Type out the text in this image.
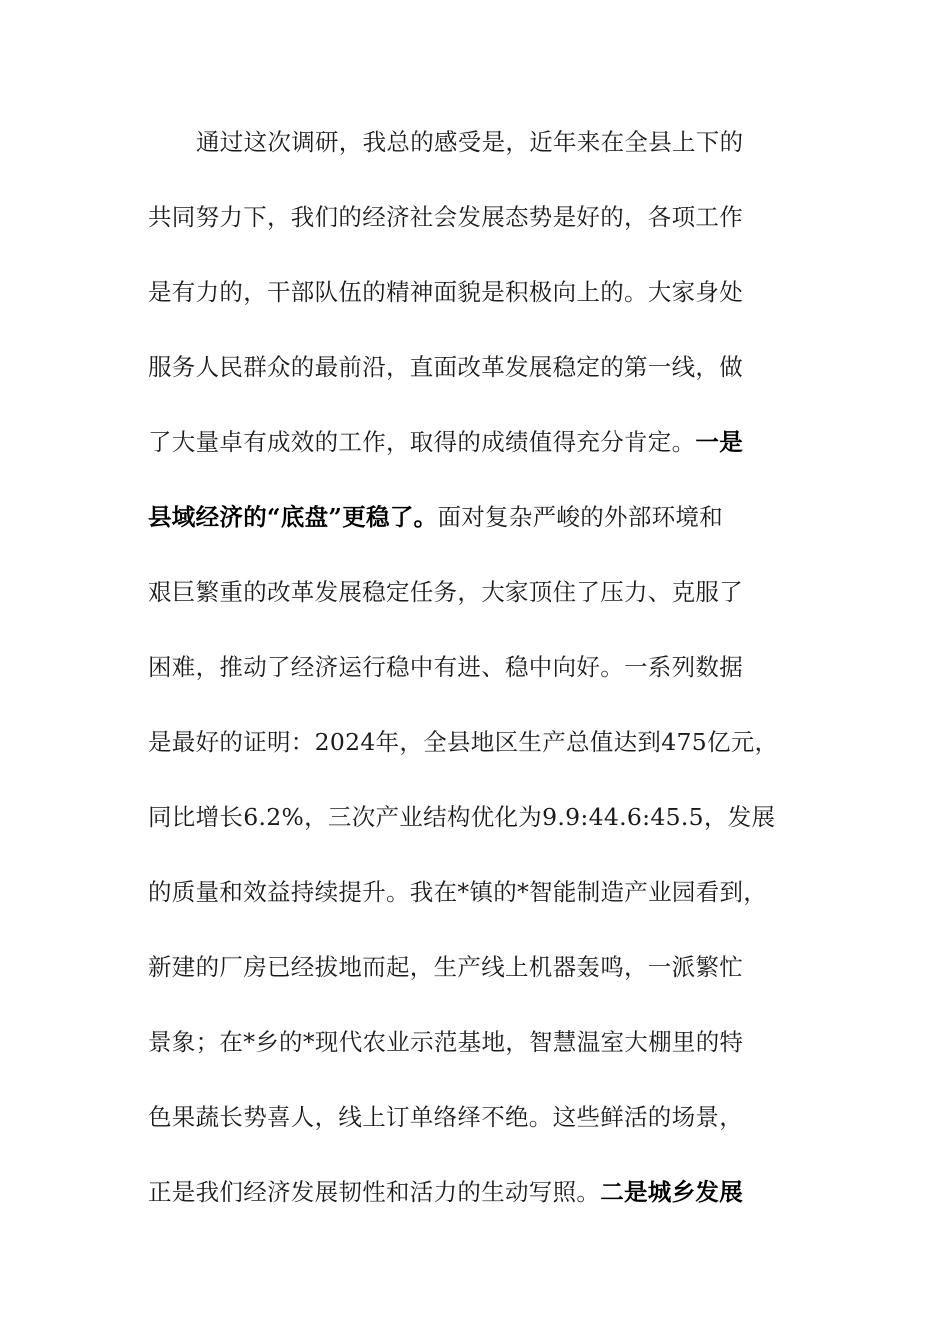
通过这次调研，我总的感受是，近年来在全县上下的
共同努力下，我们的经济社会发展态势是好的，各项工作
是有力的，干部队伍的精神面貌是积极向上的。大家身处
服务人民群众的最前沿，直面改革发展稳定的第一线，做
了大量卓有成效的工作，取得的成绩值得充分肯定。一是
县域经济的“底盘”更稳了。面对复杂严峻的外部环境和
艰巨繁重的改革发展稳定任务，大家顶住了压力、克服了
困难，推动了经济运行稳中有进、稳中向好。一系列数据
是最好的证明：2024年，全县地区生产总值达到475亿元，
同比增长6.2%，三次产业结构优化为9.9:44.6:45.5，发展
的质量和效益持续提升。我在*镇的*智能制造产业园看到，
新建的厂房已经拔地而起，生产线上机器轰鸣，一派繁忙
景象；在*乡的*现代农业示范基地，智慧温室大棚里的特
色果蔬长势喜人，线上订单络绎不绝。这些鲜活的场景，
正是我们经济发展韧性和活力的生动写照。二是城乡发展
